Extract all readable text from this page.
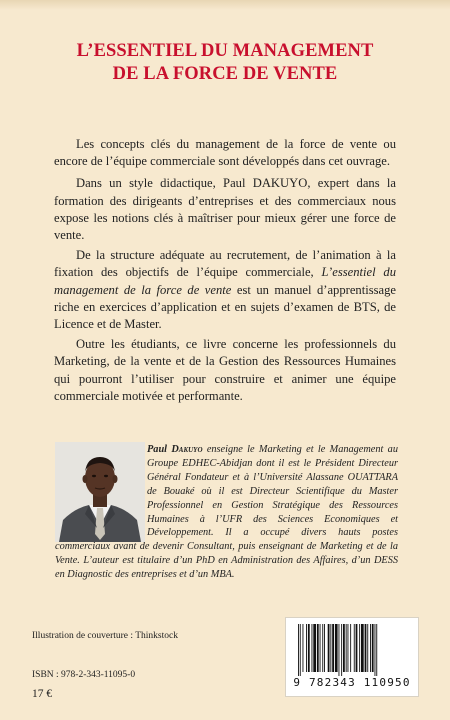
L’ESSENTIEL DU MANAGEMENT
DE LA FORCE DE VENTE

Les concepts clés du management de la force de vente ou encore de l’équipe commerciale sont développés dans cet ouvrage.

Dans un style didactique, Paul DAKUYO, expert dans la formation des dirigeants d’entreprises et des commerciaux nous expose les notions clés à maîtriser pour mieux gérer une force de vente.

De la structure adéquate au recrutement, de l’animation à la fixation des objectifs de l’équipe commerciale, L’essentiel du management de la force de vente est un manuel d’apprentissage riche en exercices d’application et en sujets d’examen de BTS, de Licence et de Master.

Outre les étudiants, ce livre concerne les professionnels du Marketing, de la vente et de la Gestion des Ressources Humaines qui pourront l’utiliser pour construire et animer une équipe commerciale motivée et performante.

Paul Dakuyo enseigne le Marketing et le Management au Groupe EDHEC-Abidjan dont il est le Président Directeur Général Fondateur et à l’Université Alassane OUATTARA de Bouaké où il est Directeur Scientifique du Master Professionnel en Gestion Stratégique des Ressources Humaines à l’UFR des Sciences Economiques et Développement. Il a occupé divers hauts postes commerciaux avant de devenir Consultant, puis enseignant de Marketing et de la Vente. L’auteur est titulaire d’un PhD en Administration des Affaires, d’un DESS en Diagnostic des entreprises et d’un MBA.
Illustration de couverture : Thinkstock
ISBN : 978-2-343-11095-0
17 €
9 782343 110950
